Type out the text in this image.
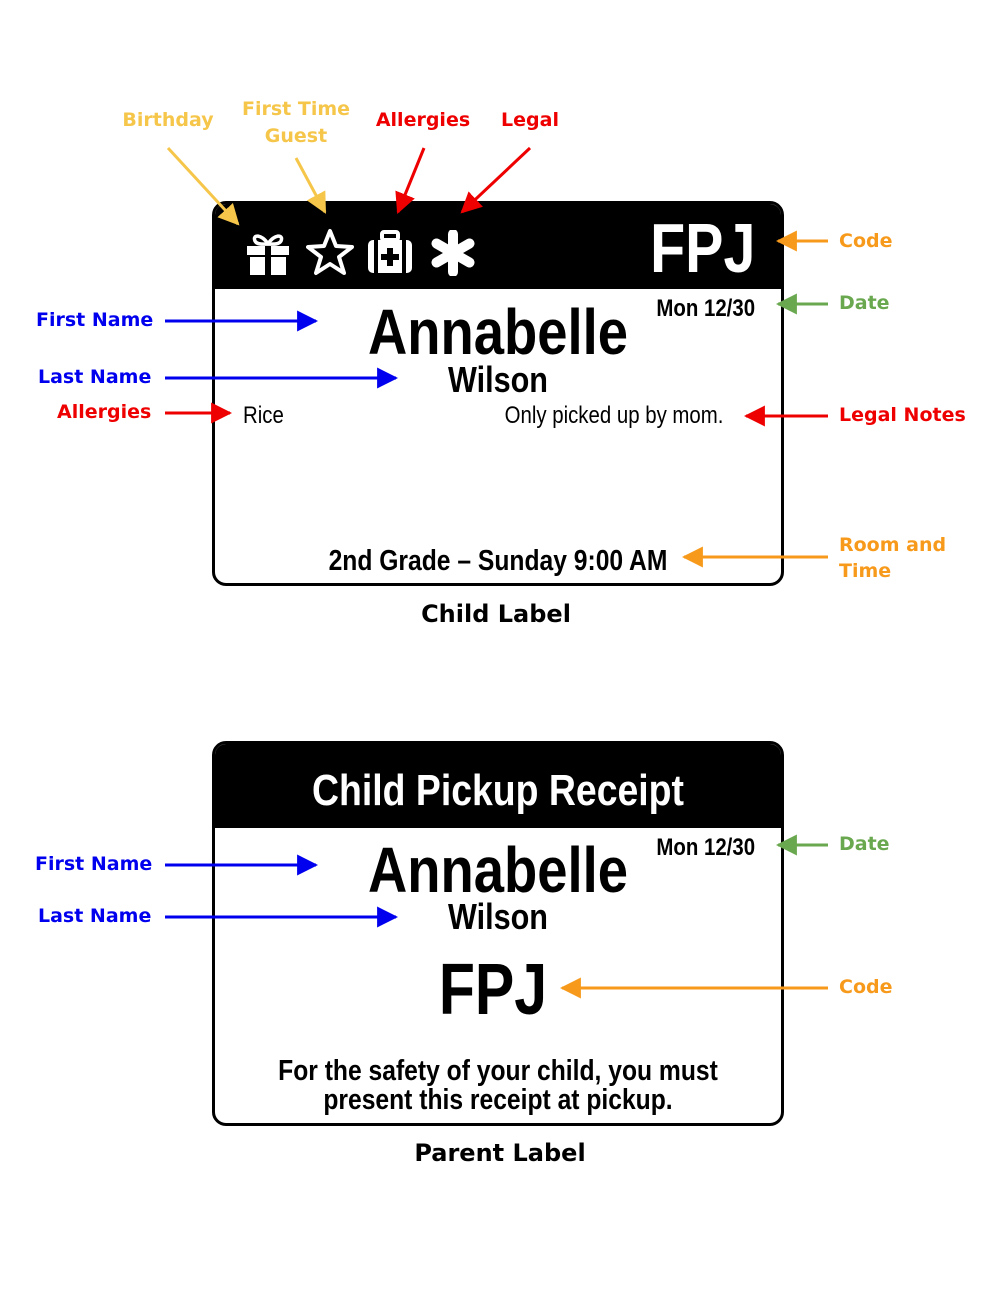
Birthday	First Time
Guest
Allergies	Legal
Code
Date
First Name
Last Name
Allergies	Legal Notes
Room and
Time
First Name
Last Name
Date
Code
FPJ
Mon 12/30
Annabelle
Wilson
Rice	Only picked up by mom.
2nd Grade – Sunday 9:00 AM
Child Label
Child Pickup Receipt
Mon 12/30
Annabelle
Wilson
FPJ
For the safety of your child, you must
present this receipt at pickup.
Parent Label
